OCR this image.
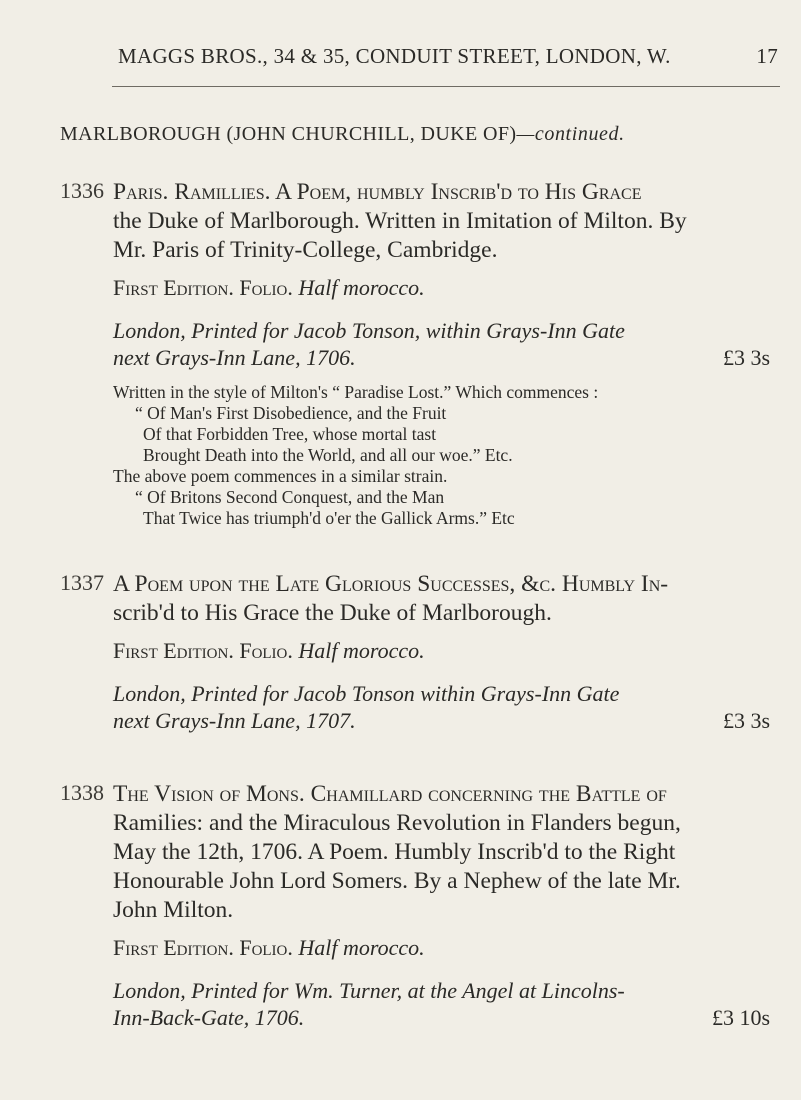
MAGGS BROS., 34 & 35, CONDUIT STREET, LONDON, W.	17
MARLBOROUGH (JOHN CHURCHILL, DUKE OF)—continued.
1336 Paris. Ramillies. A Poem, humbly Inscrib'd to His Grace
the Duke of Marlborough. Written in Imitation of Milton. By
Mr. Paris of Trinity-College, Cambridge.
First Edition. Folio. Half morocco.
London, Printed for Jacob Tonson, within Grays-Inn Gate
next Grays-Inn Lane, 1706.	£3 3s

Written in the style of Milton's “ Paradise Lost.” Which commences :

“ Of Man's First Disobedience, and the Fruit

Of that Forbidden Tree, whose mortal tast

Brought Death into the World, and all our woe.” Etc.

The above poem commences in a similar strain.

“ Of Britons Second Conquest, and the Man

That Twice has triumph'd o'er the Gallick Arms.” Etc

1337 A Poem upon the Late Glorious Successes, &c. Humbly In-
scrib'd to His Grace the Duke of Marlborough.
First Edition. Folio. Half morocco.
London, Printed for Jacob Tonson within Grays-Inn Gate
next Grays-Inn Lane, 1707.	£3 3s
1338 The Vision of Mons. Chamillard concerning the Battle of
Ramilies: and the Miraculous Revolution in Flanders begun,
May the 12th, 1706. A Poem. Humbly Inscrib'd to the Right
Honourable John Lord Somers. By a Nephew of the late Mr.
John Milton.
First Edition. Folio. Half morocco.
London, Printed for Wm. Turner, at the Angel at Lincolns-
Inn-Back-Gate, 1706.	£3 10s
